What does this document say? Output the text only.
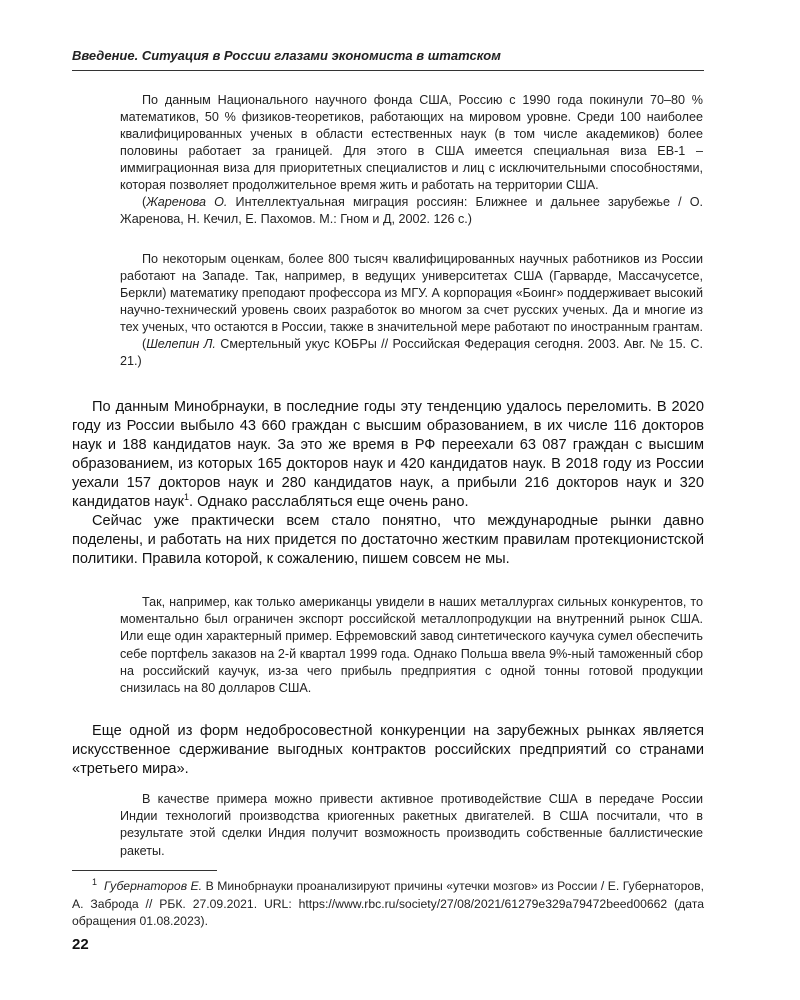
Введение. Ситуация в России глазами экономиста в штатском

По данным Национального научного фонда США, Россию с 1990 года покинули 70–80 % математиков, 50 % физиков-теоретиков, работающих на мировом уровне. Среди 100 наиболее квалифицированных ученых в области естественных наук (в том числе академиков) более половины работает за границей. Для этого в США имеется специальная виза EB-1 – иммиграционная виза для приоритетных специалистов и лиц с исключительными способностями, которая позволяет продолжительное время жить и работать на территории США.

(Жаренова О. Интеллектуальная миграция россиян: Ближнее и дальнее зарубежье / О. Жаренова, Н. Кечил, Е. Пахомов. М.: Гном и Д, 2002. 126 с.)

По некоторым оценкам, более 800 тысяч квалифицированных научных работников из России работают на Западе. Так, например, в ведущих университетах США (Гарварде, Массачусетсе, Беркли) математику преподают профессора из МГУ. А корпорация «Боинг» поддерживает высокий научно-технический уровень своих разработок во многом за счет русских ученых. Да и многие из тех ученых, что остаются в России, также в значительной мере работают по иностранным грантам.

(Шелепин Л. Смертельный укус КОБРы // Российская Федерация сегодня. 2003. Авг. № 15. С. 21.)

По данным Минобрнауки, в последние годы эту тенденцию удалось переломить. В 2020 году из России выбыло 43 660 граждан с высшим образованием, в их числе 116 докторов наук и 188 кандидатов наук. За это же время в РФ переехали 63 087 граждан с высшим образованием, из которых 165 докторов наук и 420 кандидатов наук. В 2018 году из России уехали 157 докторов наук и 280 кандидатов наук, а прибыли 216 докторов наук и 320 кандидатов наук$^1$. Однако расслабляться еще очень рано.

Сейчас уже практически всем стало понятно, что международные рынки давно поделены, и работать на них придется по достаточно жестким правилам протекционистской политики. Правила которой, к сожалению, пишем совсем не мы.

Так, например, как только американцы увидели в наших металлургах сильных конкурентов, то моментально был ограничен экспорт российской металлопродукции на внутренний рынок США. Или еще один характерный пример. Ефремовский завод синтетического каучука сумел обеспечить себе портфель заказов на 2-й квартал 1999 года. Однако Польша ввела 9%-ный таможенный сбор на российский каучук, из-за чего прибыль предприятия с одной тонны готовой продукции снизилась на 80 долларов США.

Еще одной из форм недобросовестной конкуренции на зарубежных рынках является искусственное сдерживание выгодных контрактов российских предприятий со странами «третьего мира».

В качестве примера можно привести активное противодействие США в передаче России Индии технологий производства криогенных ракетных двигателей. В США посчитали, что в результате этой сделки Индия получит возможность производить собственные баллистические ракеты.

$^1$ Губернаторов Е. В Минобрнауки проанализируют причины «утечки мозгов» из России / Е. Губернаторов, А. Заброда // РБК. 27.09.2021. URL: https://www.rbc.ru/society/27/08/2021/61279e329a79472beed00662 (дата обращения 01.08.2023).

22
